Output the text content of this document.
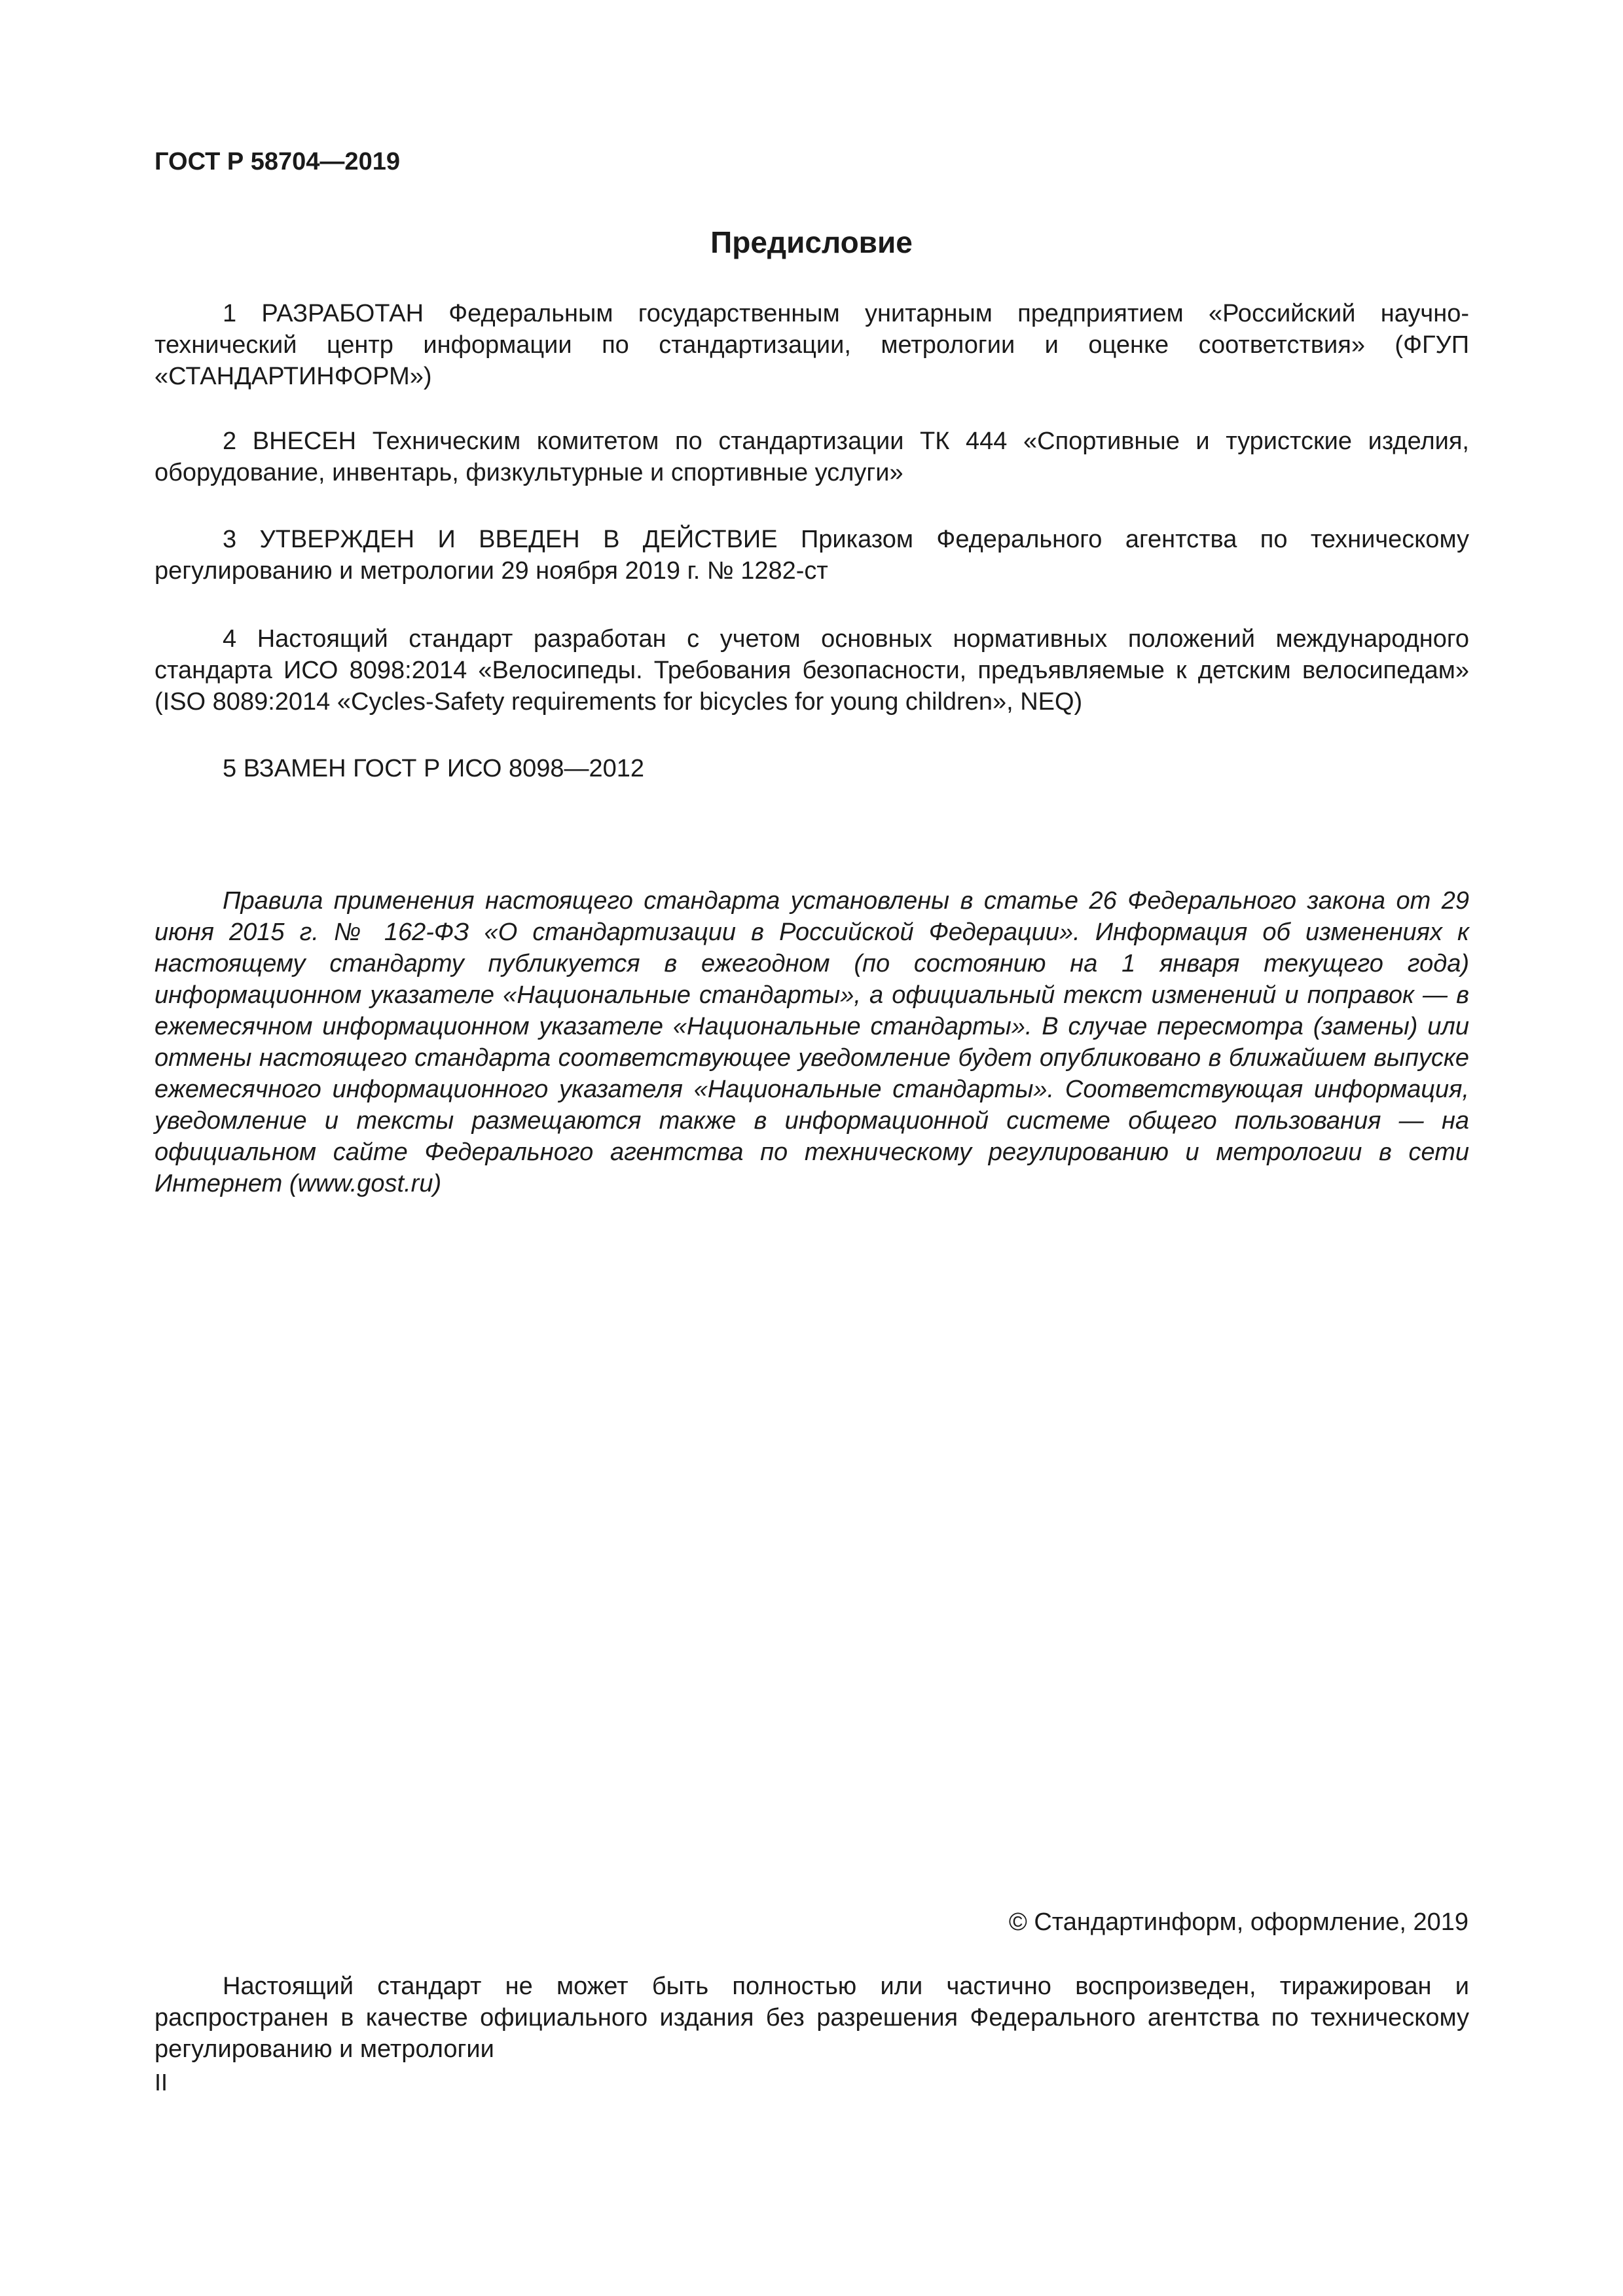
ГОСТ Р 58704—2019
Предисловие

1 РАЗРАБОТАН Федеральным государственным унитарным предприятием «Российский научно-технический центр информации по стандартизации, метрологии и оценке соответствия» (ФГУП «СТАНДАРТИНФОРМ»)

2 ВНЕСЕН Техническим комитетом по стандартизации ТК 444 «Спортивные и туристские изделия, оборудование, инвентарь, физкультурные и спортивные услуги»

3 УТВЕРЖДЕН И ВВЕДЕН В ДЕЙСТВИЕ Приказом Федерального агентства по техническому регулированию и метрологии 29 ноября 2019 г. № 1282-ст

4 Настоящий стандарт разработан с учетом основных нормативных положений международного стандарта ИСО 8098:2014 «Велосипеды. Требования безопасности, предъявляемые к детским велосипедам» (ISO 8089:2014 «Cycles-Safety requirements for bicycles for young children», NEQ)

5 ВЗАМЕН ГОСТ Р ИСО 8098—2012

Правила применения настоящего стандарта установлены в статье 26 Федерального закона от 29 июня 2015 г. № 162-ФЗ «О стандартизации в Российской Федерации». Информация об изменениях к настоящему стандарту публикуется в ежегодном (по состоянию на 1 января текущего года) информационном указателе «Национальные стандарты», а официальный текст изменений и поправок — в ежемесячном информационном указателе «Национальные стандарты». В случае пересмотра (замены) или отмены настоящего стандарта соответствующее уведомление будет опубликовано в ближайшем выпуске ежемесячного информационного указателя «Национальные стандарты». Соответствующая информация, уведомление и тексты размещаются также в информационной системе общего пользования — на официальном сайте Федерального агентства по техническому регулированию и метрологии в сети Интернет (www.gost.ru)

© Стандартинформ, оформление, 2019

Настоящий стандарт не может быть полностью или частично воспроизведен, тиражирован и распространен в качестве официального издания без разрешения Федерального агентства по техническому регулированию и метрологии

II
